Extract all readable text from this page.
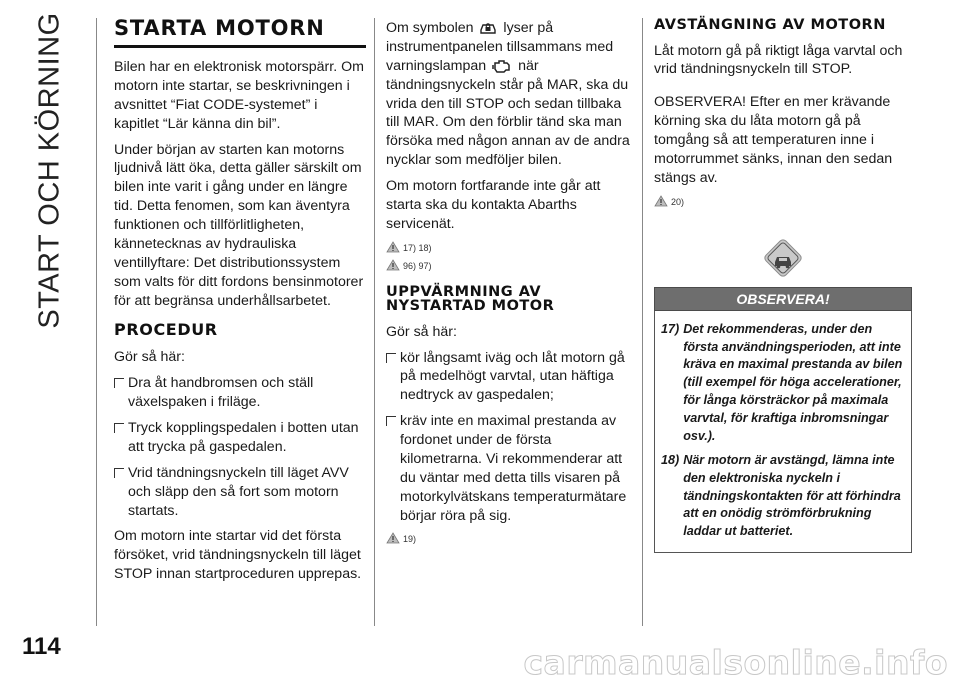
START OCH KÖRNING
114
STARTA MOTORN

Bilen har en elektronisk motorspärr. Om motorn inte startar, se beskrivningen i avsnittet “Fiat CODE-systemet” i kapitlet “Lär känna din bil”.

Under början av starten kan motorns ljudnivå lätt öka, detta gäller särskilt om bilen inte varit i gång under en längre tid. Detta fenomen, som kan äventyra funktionen och tillförlitligheten, kännetecknas av hydrauliska ventillyftare: Det distributionssystem som valts för ditt fordons bensinmotorer för att begränsa underhållsarbetet.

PROCEDUR

Gör så här:

Dra åt handbromsen och ställ växelspaken i friläge.
Tryck kopplingspedalen i botten utan att trycka på gaspedalen.
Vrid tändningsnyckeln till läget AVV och släpp den så fort som motorn startats.

Om motorn inte startar vid det första försöket, vrid tändningsnyckeln till läget STOP innan startproceduren upprepas.

Om symbolen lyser på instrumentpanelen tillsammans med varningslampan när tändningsnyckeln står på MAR, ska du vrida den till STOP och sedan tillbaka till MAR. Om den förblir tänd ska man försöka med någon annan av de andra nycklar som medföljer bilen.

Om motorn fortfarande inte går att starta ska du kontakta Abarths servicenät.

17) 18)
96) 97)
UPPVÄRMNING AV NYSTARTAD MOTOR

Gör så här:

kör långsamt iväg och låt motorn gå på medelhögt varvtal, utan häftiga nedtryck av gaspedalen;
kräv inte en maximal prestanda av fordonet under de första kilometrarna. Vi rekommenderar att du väntar med detta tills visaren på motorkylvätskans temperaturmätare börjar röra på sig.
19)
AVSTÄNGNING AV MOTORN

Låt motorn gå på riktigt låga varvtal och vrid tändningsnyckeln till STOP.

OBSERVERA! Efter en mer krävande körning ska du låta motorn gå på tomgång så att temperaturen inne i motorrummet sänks, innan den sedan stängs av.

20)
OBSERVERA!
17) Det rekommenderas, under den första användningsperioden, att inte kräva en maximal prestanda av bilen (till exempel för höga accelerationer, för långa körsträckor på maximala varvtal, för kraftiga inbromsningar osv.).
18) När motorn är avstängd, lämna inte den elektroniska nyckeln i tändningskontakten för att förhindra att en onödig strömförbrukning laddar ut batteriet.
carmanualsonline.info
